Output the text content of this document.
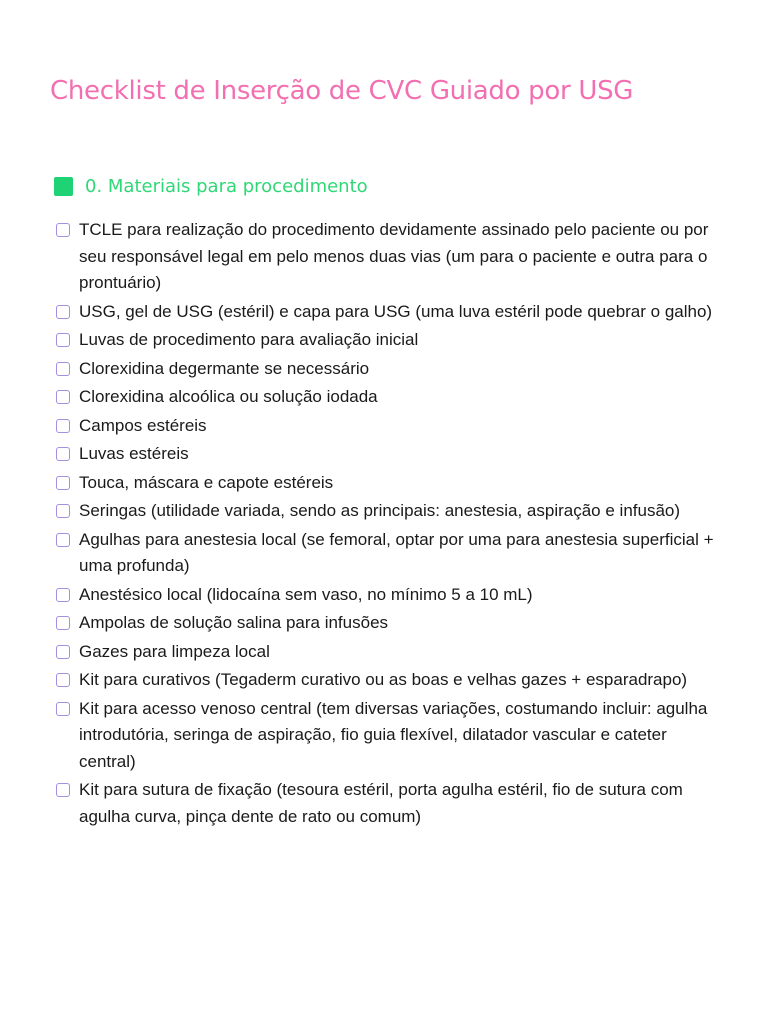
Checklist de Inserção de CVC Guiado por USG
0. Materiais para procedimento
TCLE para realização do procedimento devidamente assinado pelo paciente ou por seu responsável legal em pelo menos duas vias (um para o paciente e outra para o prontuário)
USG, gel de USG (estéril) e capa para USG (uma luva estéril pode quebrar o galho)
Luvas de procedimento para avaliação inicial
Clorexidina degermante se necessário
Clorexidina alcoólica ou solução iodada
Campos estéreis
Luvas estéreis
Touca, máscara e capote estéreis
Seringas (utilidade variada, sendo as principais: anestesia, aspiração e infusão)
Agulhas para anestesia local (se femoral, optar por uma para anestesia superficial + uma profunda)
Anestésico local (lidocaína sem vaso, no mínimo 5 a 10 mL)
Ampolas de solução salina para infusões
Gazes para limpeza local
Kit para curativos (Tegaderm curativo ou as boas e velhas gazes + esparadrapo)
Kit para acesso venoso central (tem diversas variações, costumando incluir: agulha introdutória, seringa de aspiração, fio guia flexível, dilatador vascular e cateter central)
Kit para sutura de fixação (tesoura estéril, porta agulha estéril, fio de sutura com agulha curva, pinça dente de rato ou comum)
